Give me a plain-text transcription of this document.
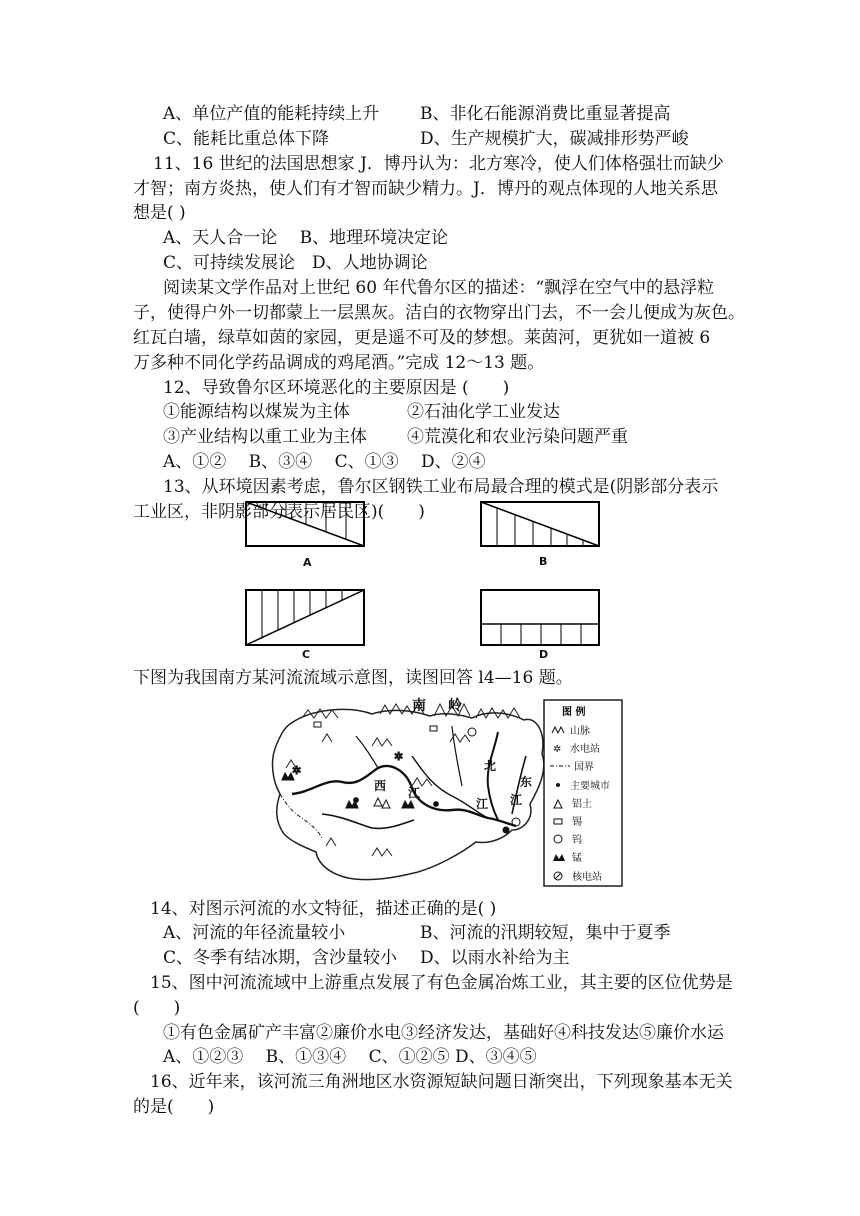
A、单位产值的能耗持续上升 B、非化石能源消费比重显著提高
C、能耗比重总体下降	D、生产规模扩大，碳减排形势严峻
11、16 世纪的法国思想家 J．博丹认为：北方寒冷，使人们体格强壮而缺少
才智；南方炎热，使人们有才智而缺少精力。J．博丹的观点体现的人地关系思
想是( )
A、天人合一论　 B、地理环境决定论
C、可持续发展论　D、人地协调论
阅读某文学作品对上世纪 60 年代鲁尔区的描述：“飘浮在空气中的悬浮粒
子，使得户外一切都蒙上一层黑灰。洁白的衣物穿出门去，不一会儿便成为灰色。
红瓦白墙，绿草如茵的家园，更是遥不可及的梦想。莱茵河，更犹如一道被 6
万多种不同化学药品调成的鸡尾酒。”完成 12～13 题。
12、导致鲁尔区环境恶化的主要原因是 (　　)
①能源结构以煤炭为主体	②石油化学工业发达
③产业结构以重工业为主体 ④荒漠化和农业污染问题严重
A、①②　 B、③④　 C、①③　 D、②④
13、从环境因素考虑，鲁尔区钢铁工业布局最合理的模式是(阴影部分表示
工业区，非阴影部分表示居民区)(　　)
A	B
C	D
下图为我国南方某河流流域示意图，读图回答 l4—16 题。
✲
✲
南 岭
西 江
北
江
东
江
图 例
山脉
✲ 水电站
国界
主要城市
铝土
锡
钨
锰
核电站
14、对图示河流的水文特征，描述正确的是( )
A、河流的年径流量较小	B、河流的汛期较短，集中于夏季
C、冬季有结冰期，含沙量较小 D、以雨水补给为主
15、图中河流流域中上游重点发展了有色金属冶炼工业，其主要的区位优势是
(　　)
①有色金属矿产丰富②廉价水电③经济发达，基础好④科技发达⑤廉价水运
A、①②③　 B、①③④　 C、①②⑤ D、③④⑤
16、近年来，该河流三角洲地区水资源短缺问题日渐突出，下列现象基本无关
的是(　　)
